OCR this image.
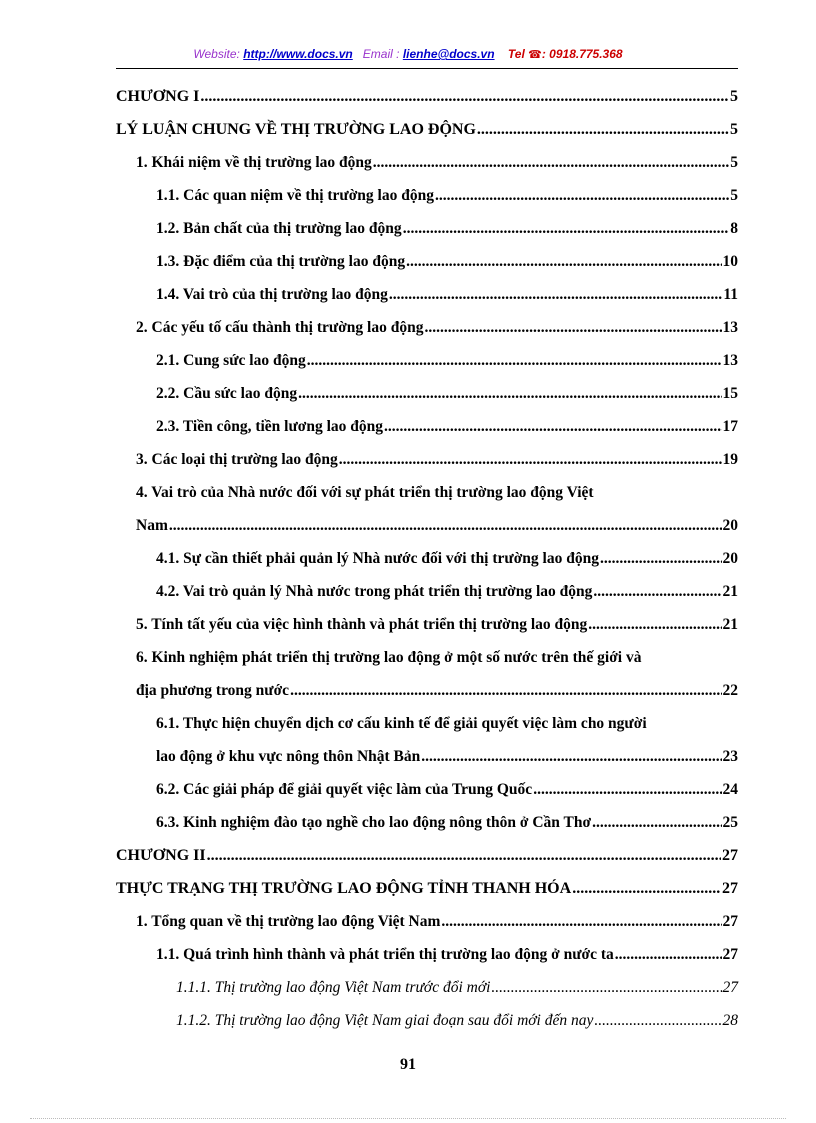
Website: http://www.docs.vn Email : lienhe@docs.vn Tel ☎: 0918.775.368
CHƯƠNG I .....	5
LÝ LUẬN CHUNG VỀ THỊ TRƯỜNG LAO ĐỘNG .....	5
1. Khái niệm về thị trường lao động .....	5
1.1. Các quan niệm về thị trường lao động .....	5
1.2. Bản chất của thị trường lao động .....	8
1.3. Đặc điểm của thị trường lao động .....	10
1.4. Vai trò của thị trường lao động .....	11
2. Các yếu tố cấu thành thị trường lao động .....	13
2.1. Cung sức lao động .....	13
2.2. Cầu sức lao động .....	15
2.3. Tiền công, tiền lương lao động .....	17
3. Các loại thị trường lao động .....	19
4. Vai trò của Nhà nước đối với sự phát triển thị trường lao động Việt
Nam .....	20
4.1. Sự cần thiết phải quản lý Nhà nước đối với thị trường lao động .....	20
4.2. Vai trò quản lý Nhà nước trong phát triển thị trường lao động .....	21
5. Tính tất yếu của việc hình thành và phát triển thị trường lao động .....	21
6. Kinh nghiệm phát triển thị trường lao động ở một số nước trên thế giới và
địa phương trong nước .....	22
6.1. Thực hiện chuyển dịch cơ cấu kinh tế để giải quyết việc làm cho người
lao động ở khu vực nông thôn Nhật Bản .....	23
6.2. Các giải pháp để giải quyết việc làm của Trung Quốc .....	24
6.3. Kinh nghiệm đào tạo nghề cho lao động nông thôn ở Cần Thơ .....	25
CHƯƠNG II .....	27
THỰC TRẠNG THỊ TRƯỜNG LAO ĐỘNG TỈNH THANH HÓA .....	27
1. Tổng quan về thị trường lao động Việt Nam .....	27
1.1. Quá trình hình thành và phát triển thị trường lao động ở nước ta .....	27
1.1.1. Thị trường lao động Việt Nam trước đổi mới .....	27
1.1.2. Thị trường lao động Việt Nam giai đoạn sau đổi mới đến nay .....	28
91
